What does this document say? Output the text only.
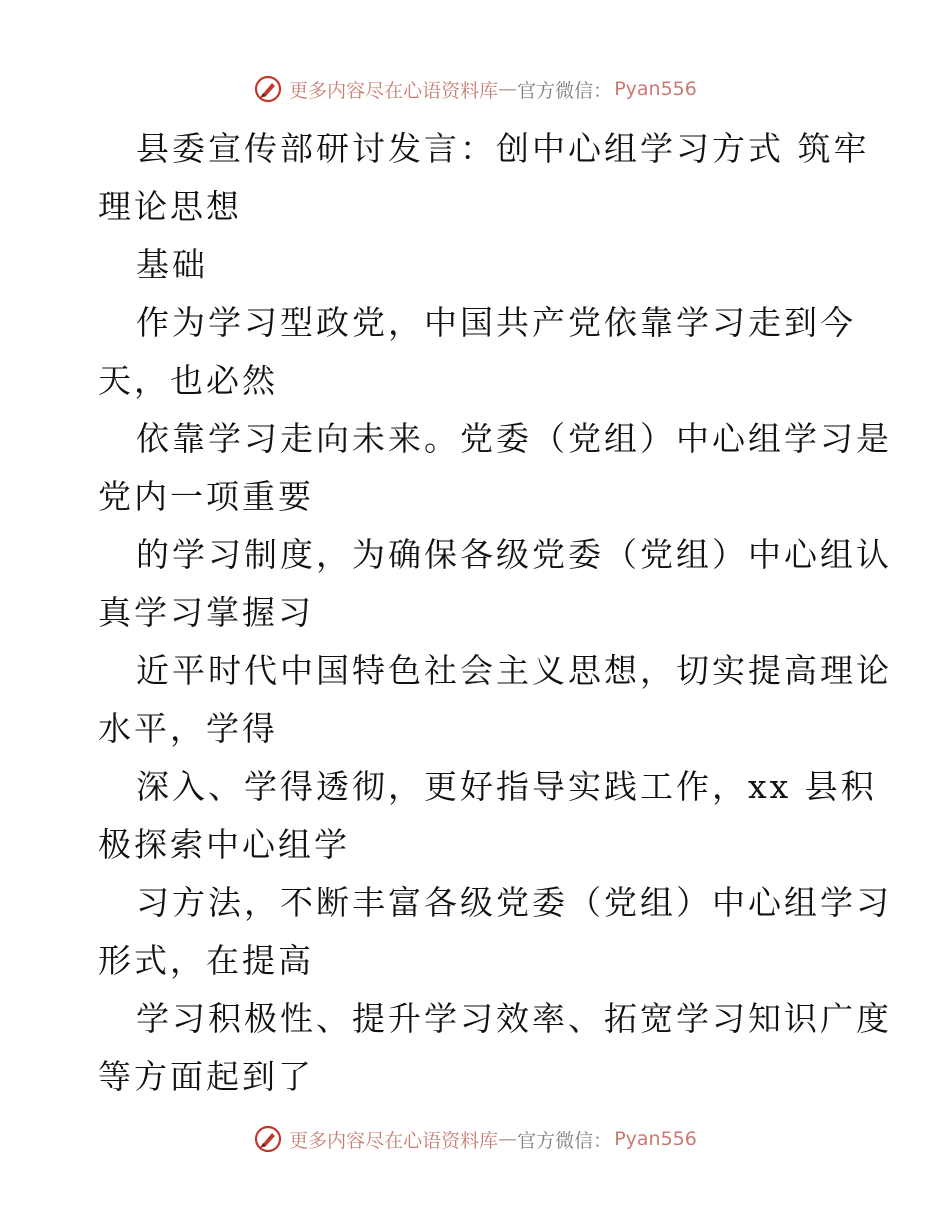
更多内容尽在心语资料库 — 官方微信： Pyan556

县委宣传部研讨发言：创中心组学习方式 筑牢

理论思想

基础

作为学习型政党，中国共产党依靠学习走到今

天，也必然

依靠学习走向未来。党委（党组）中心组学习是

党内一项重要

的学习制度，为确保各级党委（党组）中心组认

真学习掌握习

近平时代中国特色社会主义思想，切实提高理论

水平，学得

深入、学得透彻，更好指导实践工作，xx 县积

极探索中心组学

习方法，不断丰富各级党委（党组）中心组学习

形式，在提高

学习积极性、提升学习效率、拓宽学习知识广度

等方面起到了

更多内容尽在心语资料库 — 官方微信： Pyan556
